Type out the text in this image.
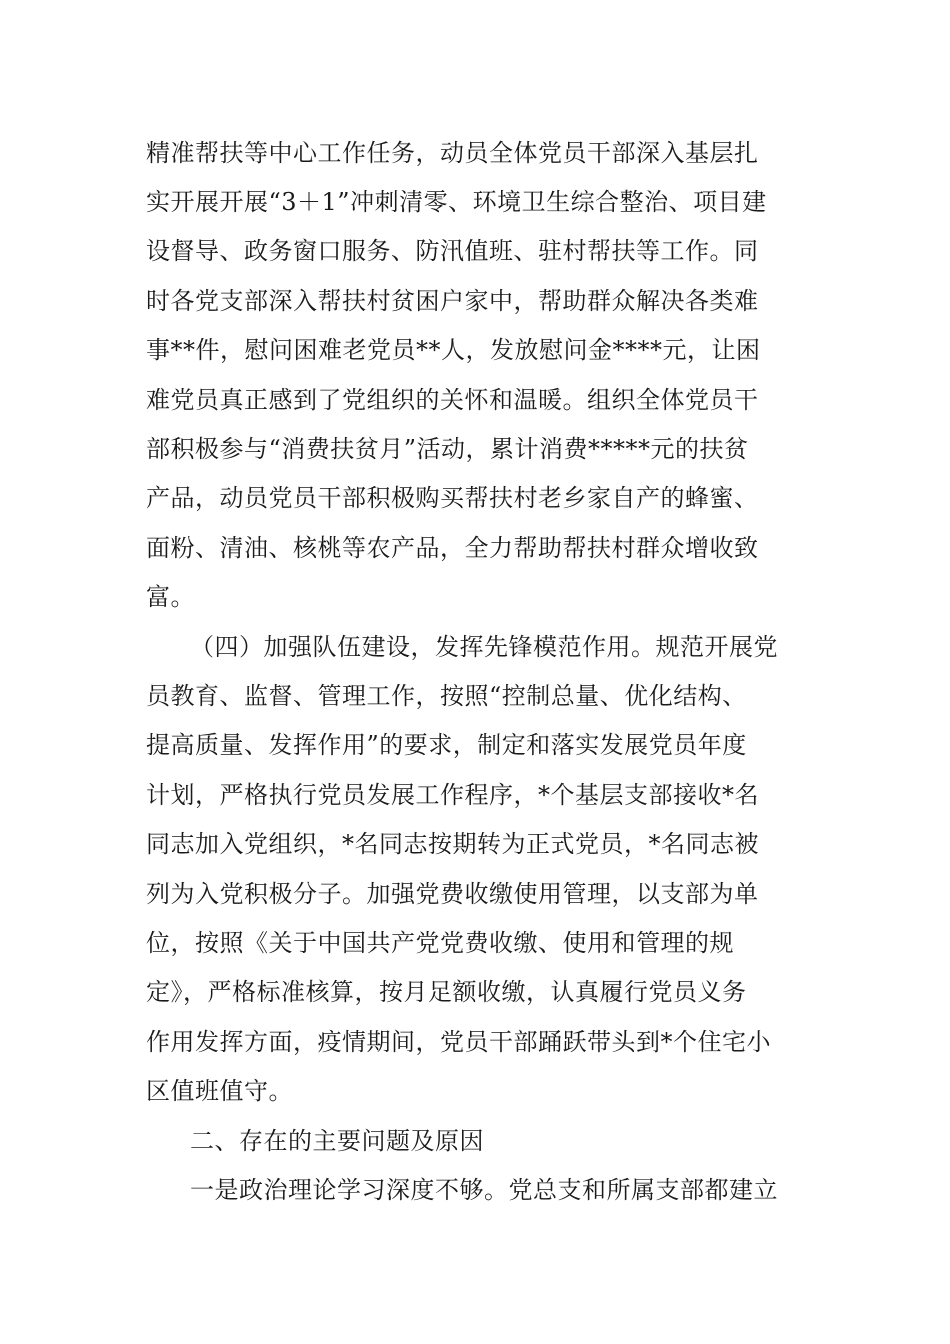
精准帮扶等中心工作任务，动员全体党员干部深入基层扎
实开展开展“3＋1”冲刺清零、环境卫生综合整治、项目建
设督导、政务窗口服务、防汛值班、驻村帮扶等工作。同
时各党支部深入帮扶村贫困户家中，帮助群众解决各类难
事**件，慰问困难老党员**人，发放慰问金****元，让困
难党员真正感到了党组织的关怀和温暖。组织全体党员干
部积极参与“消费扶贫月”活动，累计消费*****元的扶贫
产品，动员党员干部积极购买帮扶村老乡家自产的蜂蜜、
面粉、清油、核桃等农产品，全力帮助帮扶村群众增收致
富。
（四）加强队伍建设，发挥先锋模范作用。规范开展党
员教育、监督、管理工作，按照“控制总量、优化结构、
提高质量、发挥作用”的要求，制定和落实发展党员年度
计划，严格执行党员发展工作程序，*个基层支部接收*名
同志加入党组织，*名同志按期转为正式党员，*名同志被
列为入党积极分子。加强党费收缴使用管理，以支部为单
位，按照《关于中国共产党党费收缴、使用和管理的规
定》，严格标准核算，按月足额收缴，认真履行党员义务
作用发挥方面，疫情期间，党员干部踊跃带头到*个住宅小
区值班值守。
二、存在的主要问题及原因
一是政治理论学习深度不够。党总支和所属支部都建立
